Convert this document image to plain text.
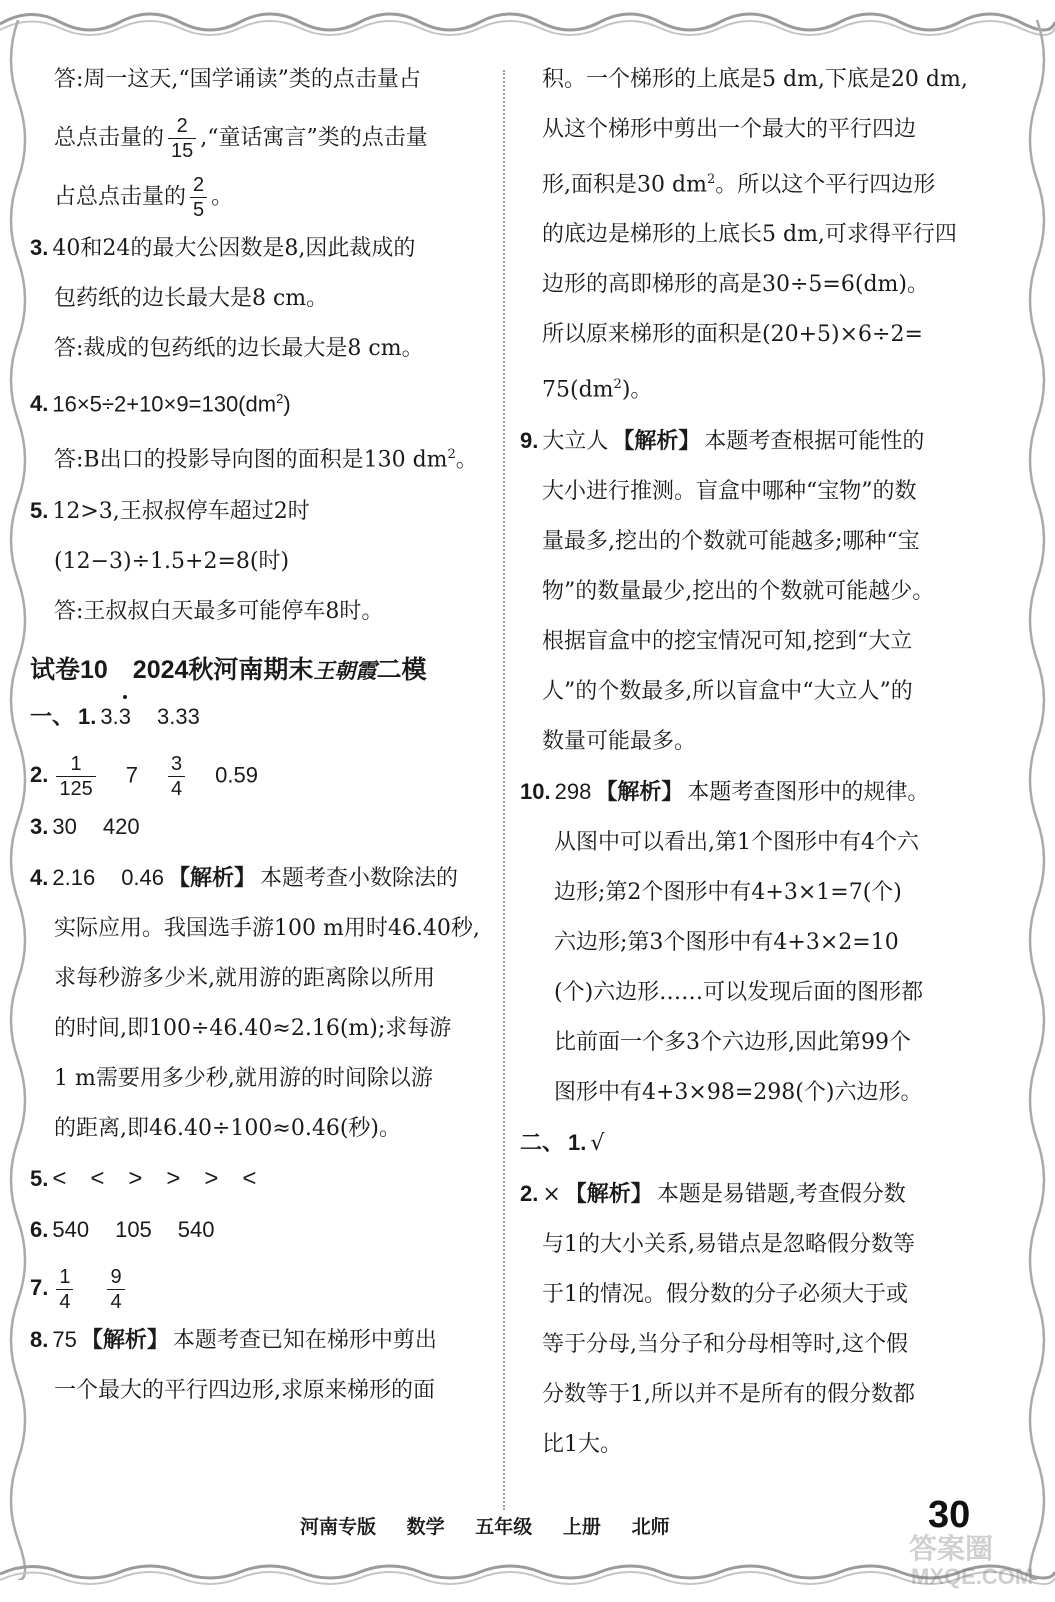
答:周一这天,“国学诵读”类的点击量占
总点击量的 $\frac{2}{15}$ ,“童话寓言”类的点击量
占总点击量的 $\frac{2}{5}$ 。
3. 40和24的最大公因数是8,因此裁成的
包药纸的边长最大是8 cm。
答:裁成的包药纸的边长最大是8 cm。
4. $16\times 5\div 2+10\times 9=130(dm^2)$
答:B出口的投影导向图的面积是130 $dm^2$。
5. 12>3,王叔叔停车超过2时
(12−3)÷1.5+2=8(时)
答:王叔叔白天最多可能停车8时。
试卷10　2024秋河南期末王朝霞二模
一、 1. 3.3 3.33
2. $\frac{1}{125} 7 \frac{3}{4} 0.59$
3. 30 420
4. 2.16 0.46 【解析】 本题考查小数除法的
实际应用。我国选手游100 m用时46.40秒,
求每秒游多少米,就用游的距离除以所用
的时间,即100÷46.40≈2.16(m);求每游
1 m需要用多少秒,就用游的时间除以游
的距离,即46.40÷100≈0.46(秒)。
5. <　<　>　>　>　<
6. 540 105 540
7. $\frac{1}{4} \frac{9}{4}$
8. 75 【解析】 本题考查已知在梯形中剪出
一个最大的平行四边形,求原来梯形的面
积。一个梯形的上底是5 dm,下底是20 dm,
从这个梯形中剪出一个最大的平行四边
形,面积是30 $dm^2$。所以这个平行四边形
的底边是梯形的上底长5 dm,可求得平行四
边形的高即梯形的高是30÷5=6(dm)。
所以原来梯形的面积是(20+5)×6÷2=
$75(dm^2)$。
9. 大立人 【解析】 本题考查根据可能性的
大小进行推测。盲盒中哪种“宝物”的数
量最多,挖出的个数就可能越多;哪种“宝
物”的数量最少,挖出的个数就可能越少。
根据盲盒中的挖宝情况可知,挖到“大立
人”的个数最多,所以盲盒中“大立人”的
数量可能最多。
10. 298 【解析】 本题考查图形中的规律。
从图中可以看出,第1个图形中有4个六
边形;第2个图形中有4+3×1=7(个)
六边形;第3个图形中有4+3×2=10
(个)六边形……可以发现后面的图形都
比前面一个多3个六边形,因此第99个
图形中有4+3×98=298(个)六边形。
二、 1. √
2. × 【解析】 本题是易错题,考查假分数
与1的大小关系,易错点是忽略假分数等
于1的情况。假分数的分子必须大于或
等于分母,当分子和分母相等时,这个假
分数等于1,所以并不是所有的假分数都
比1大。
河南专版 数学 五年级 上册 北师	30
答案圈
MXQE.COM
